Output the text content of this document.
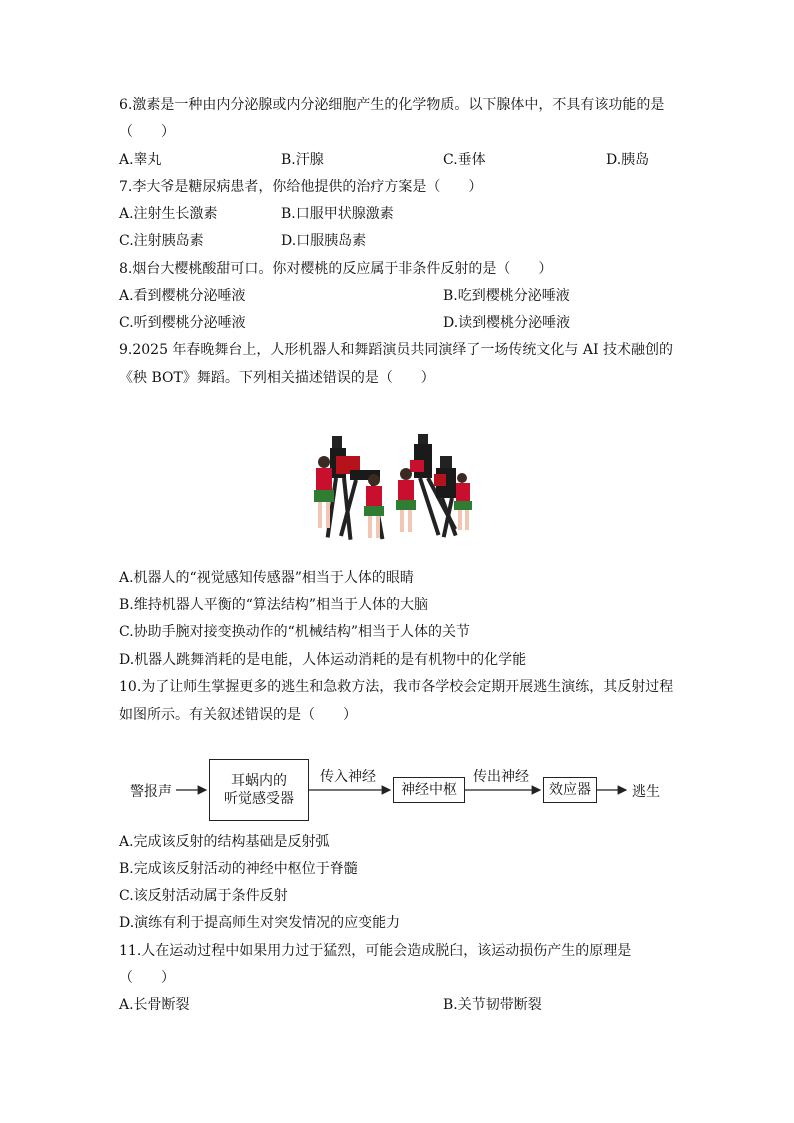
6.激素是一种由内分泌腺或内分泌细胞产生的化学物质。以下腺体中，不具有该功能的是
（　　）
A.睾丸	B.汗腺	C.垂体	D.胰岛
7.李大爷是糖尿病患者，你给他提供的治疗方案是（　　）
A.注射生长激素	B.口服甲状腺激素
C.注射胰岛素	D.口服胰岛素
8.烟台大樱桃酸甜可口。你对樱桃的反应属于非条件反射的是（　　）
A.看到樱桃分泌唾液	B.吃到樱桃分泌唾液
C.听到樱桃分泌唾液	D.读到樱桃分泌唾液
9.2025 年春晚舞台上，人形机器人和舞蹈演员共同演绎了一场传统文化与 AI 技术融创的
《秧 BOT》舞蹈。下列相关描述错误的是（　　）
A.机器人的“视觉感知传感器”相当于人体的眼睛
B.维持机器人平衡的“算法结构”相当于人体的大脑
C.协助手腕对接变换动作的“机械结构”相当于人体的关节
D.机器人跳舞消耗的是电能，人体运动消耗的是有机物中的化学能
10.为了让师生掌握更多的逃生和急救方法，我市各学校会定期开展逃生演练，其反射过程
如图所示。有关叙述错误的是（　　）
警报声
耳蜗内的
听觉感受器
传入神经
神经中枢
传出神经
效应器	逃生
A.完成该反射的结构基础是反射弧
B.完成该反射活动的神经中枢位于脊髓
C.该反射活动属于条件反射
D.演练有利于提高师生对突发情况的应变能力
11.人在运动过程中如果用力过于猛烈，可能会造成脱臼，该运动损伤产生的原理是
（　　）
A.长骨断裂	B.关节韧带断裂
